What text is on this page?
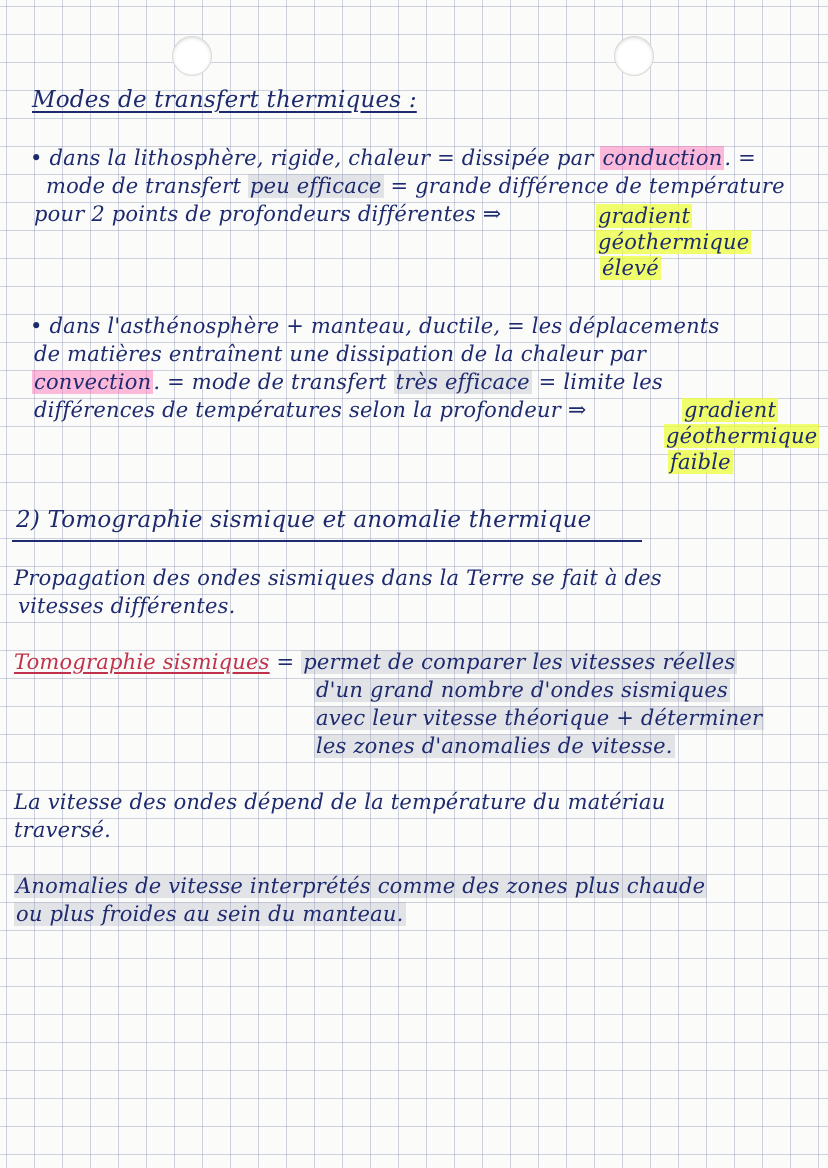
Modes de transfert thermiques :
• dans la lithosphère, rigide, chaleur = dissipée par conduction. =
mode de transfert peu efficace = grande différence de température
pour 2 points de profondeurs différentes ⇒	gradient
géothermique
élevé
• dans l'asthénosphère + manteau, ductile, = les déplacements
de matières entraînent une dissipation de la chaleur par
convection. = mode de transfert très efficace = limite les
différences de températures selon la profondeur ⇒	gradient
géothermique
faible
2) Tomographie sismique et anomalie thermique
Propagation des ondes sismiques dans la Terre se fait à des
vitesses différentes.
Tomographie sismiques = permet de comparer les vitesses réelles
d'un grand nombre d'ondes sismiques
avec leur vitesse théorique + déterminer
les zones d'anomalies de vitesse.
La vitesse des ondes dépend de la température du matériau
traversé.
Anomalies de vitesse interprétés comme des zones plus chaude
ou plus froides au sein du manteau.
